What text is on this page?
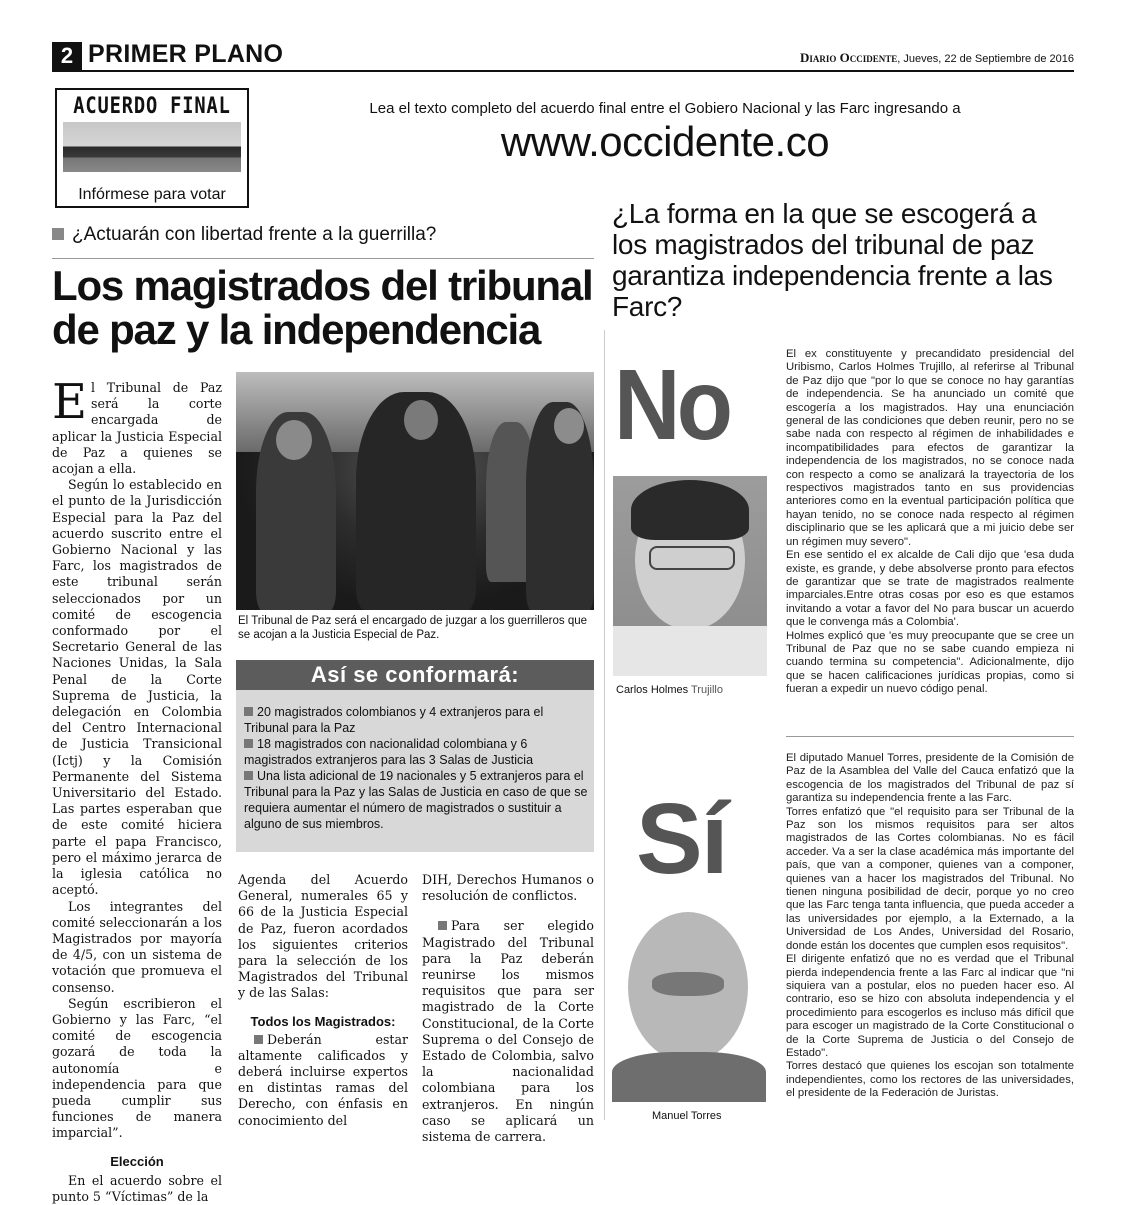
2 PRIMER PLANO	Diario Occidente, Jueves, 22 de Septiembre de 2016
ACUERDO FINAL
Infórmese para votar
Lea el texto completo del acuerdo final entre el Gobiero Nacional y las Farc ingresando a
www.occidente.co
¿Actuarán con libertad frente a la guerrilla?
Los magistrados del tribunal de paz y la independencia

El Tribunal de Paz será la corte encargada de aplicar la Justicia Especial de Paz a quienes se acojan a ella.

Según lo establecido en el punto de la Jurisdicción Especial para la Paz del acuerdo suscrito entre el Gobierno Nacional y las Farc, los magistrados de este tribunal serán seleccionados por un comité de escogencia conformado por el Secretario General de las Naciones Unidas, la Sala Penal de la Corte Suprema de Justicia, la delegación en Colombia del Centro Internacional de Justicia Transicional (Ictj) y la Comisión Permanente del Sistema Universitario del Estado. Las partes esperaban que de este comité hiciera parte el papa Francisco, pero el máximo jerarca de la iglesia católica no aceptó.

Los integrantes del comité seleccionarán a los Magistrados por mayoría de 4/5, con un sistema de votación que promueva el consenso.

Según escribieron el Gobierno y las Farc, “el comité de escogencia gozará de toda la autonomía e independencia para que pueda cumplir sus funciones de manera imparcial”.

Elección

En el acuerdo sobre el punto 5 “Víctimas” de la

El Tribunal de Paz será el encargado de juzgar a los guerrilleros que se acojan a la Justicia Especial de Paz.
Así se conformará:
20 magistrados colombianos y 4 extranjeros para el Tribunal para la Paz
18 magistrados con nacionalidad colombiana y 6 magistrados extranjeros para las 3 Salas de Justicia
Una lista adicional de 19 nacionales y 5 extranjeros para el Tribunal para la Paz y las Salas de Justicia en caso de que se requiera aumentar el número de magistrados o sustituir a alguno de sus miembros.

Agenda del Acuerdo General, numerales 65 y 66 de la Justicia Especial de Paz, fueron acordados los siguientes criterios para la selección de los Magistrados del Tribunal y de las Salas:

Todos los Magistrados:

Deberán estar altamente calificados y deberá incluirse expertos en distintas ramas del Derecho, con énfasis en conocimiento del

DIH, Derechos Humanos o resolución de conflictos.

Para ser elegido Magistrado del Tribunal para la Paz deberán reunirse los mismos requisitos que para ser magistrado de la Corte Constitucional, de la Corte Suprema o del Consejo de Estado de Colombia, salvo la nacionalidad colombiana para los extranjeros. En ningún caso se aplicará un sistema de carrera.

¿La forma en la que se escogerá a los magistrados del tribunal de paz garantiza independencia frente a las Farc?
No
Carlos Holmes Trujillo

El ex constituyente y precandidato presidencial del Uribismo, Carlos Holmes Trujillo, al referirse al Tribunal de Paz dijo que "por lo que se conoce no hay garantías de independencia. Se ha anunciado un comité que escogería a los magistrados. Hay una enunciación general de las condiciones que deben reunir, pero no se sabe nada con respecto al régimen de inhabilidades e incompatibilidades para efectos de garantizar la independencia de los magistrados, no se conoce nada con respecto a como se analizará la trayectoria de los respectivos magistrados tanto en sus providencias anteriores como en la eventual participación política que hayan tenido, no se conoce nada respecto al régimen disciplinario que se les aplicará que a mi juicio debe ser un régimen muy severo".

En ese sentido el ex alcalde de Cali dijo que 'esa duda existe, es grande, y debe absolverse pronto para efectos de garantizar que se trate de magistrados realmente imparciales.Entre otras cosas por eso es que estamos invitando a votar a favor del No para buscar un acuerdo que le convenga más a Colombia'.

Holmes explicó que 'es muy preocupante que se cree un Tribunal de Paz que no se sabe cuando empieza ni cuando termina su competencia". Adicionalmente, dijo que se hacen calificaciones jurídicas propias, como si fueran a expedir un nuevo código penal.

Sí
Manuel Torres

El diputado Manuel Torres, presidente de la Comisión de Paz de la Asamblea del Valle del Cauca enfatizó que la escogencia de los magistrados del Tribunal de paz sí garantiza su independencia frente a las Farc.

Torres enfatizó que "el requisito para ser Tribunal de la Paz son los mismos requisitos para ser altos magistrados de las Cortes colombianas. No es fácil acceder. Va a ser la clase académica más importante del país, que van a componer, quienes van a componer, quienes van a hacer los magistrados del Tribunal. No tienen ninguna posibilidad de decir, porque yo no creo que las Farc tenga tanta influencia, que pueda acceder a las universidades por ejemplo, a la Externado, a la Universidad de Los Andes, Universidad del Rosario, donde están los docentes que cumplen esos requisitos".

El dirigente enfatizó que no es verdad que el Tribunal pierda independencia frente a las Farc al indicar que "ni siquiera van a postular, elos no pueden hacer eso. Al contrario, eso se hizo con absoluta independencia y el procedimiento para escogerlos es incluso más difícil que para escoger un magistrado de la Corte Constitucional o de la Corte Suprema de Justicia o del Consejo de Estado".

Torres destacó que quienes los escojan son totalmente independientes, como los rectores de las universidades, el presidente de la Federación de Juristas.
